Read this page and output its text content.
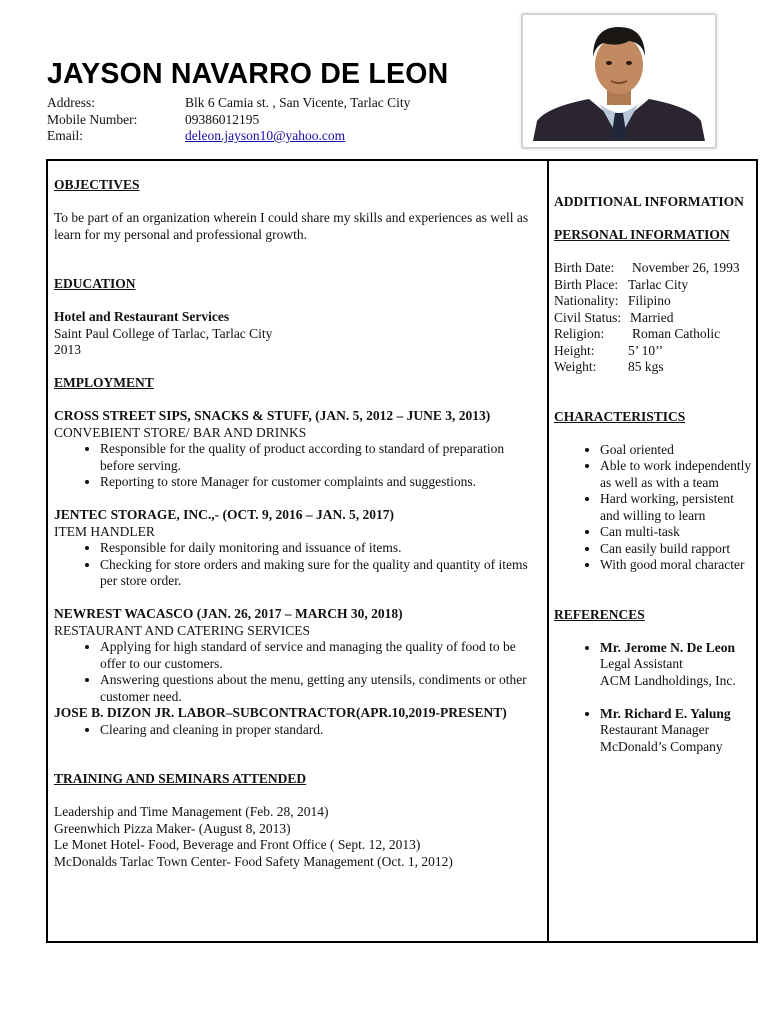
JAYSON NAVARRO DE LEON
Address:	Blk 6 Camia st. , San Vicente, Tarlac City
Mobile Number:	09386012195
Email:	deleon.jayson10@yahoo.com

OBJECTIVES

To be part of an organization wherein I could share my skills and experiences as well as learn for my personal and professional growth.

EDUCATION

Hotel and Restaurant Services
Saint Paul College of Tarlac, Tarlac City
2013

EMPLOYMENT

CROSS STREET SIPS, SNACKS & STUFF, (JAN. 5, 2012 – JUNE 3, 2013)
CONVEBIENT STORE/ BAR AND DRINKS
• Responsible for the quality of product according to standard of preparation before serving.
• Reporting to store Manager for customer complaints and suggestions.
JENTEC STORAGE, INC.,- (OCT. 9, 2016 – JAN. 5, 2017)
ITEM HANDLER
• Responsible for daily monitoring and issuance of items.
• Checking for store orders and making sure for the quality and quantity of items per store order.
NEWREST WACASCO (JAN. 26, 2017 – MARCH 30, 2018)
RESTAURANT AND CATERING SERVICES
• Applying for high standard of service and managing the quality of food to be offer to our customers.
• Answering questions about the menu, getting any utensils, condiments or other customer need.
JOSE B. DIZON JR. LABOR–SUBCONTRACTOR(APR.10,2019-PRESENT)
• Clearing and cleaning in proper standard.

TRAINING AND SEMINARS ATTENDED

Leadership and Time Management (Feb. 28, 2014)
Greenwhich Pizza Maker- (August 8, 2013)
Le Monet Hotel- Food, Beverage and Front Office ( Sept. 12, 2013)
McDonalds Tarlac Town Center- Food Safety Management (Oct. 1, 2012)
ADDITIONAL INFORMATION

PERSONAL INFORMATION

Birth Date:	November 26, 1993
Birth Place: Tarlac City
Nationality: Filipino
Civil Status: Married
Religion:	Roman Catholic
Height:	5’ 10’’
Weight:	85 kgs

CHARACTERISTICS

• Goal oriented
• Able to work independently as well as with a team
• Hard working, persistent and willing to learn
• Can multi-task
• Can easily build rapport
• With good moral character

REFERENCES

• Mr. Jerome N. De Leon
Legal Assistant
ACM Landholdings, Inc.
• Mr. Richard E. Yalung
Restaurant Manager
McDonald’s Company
